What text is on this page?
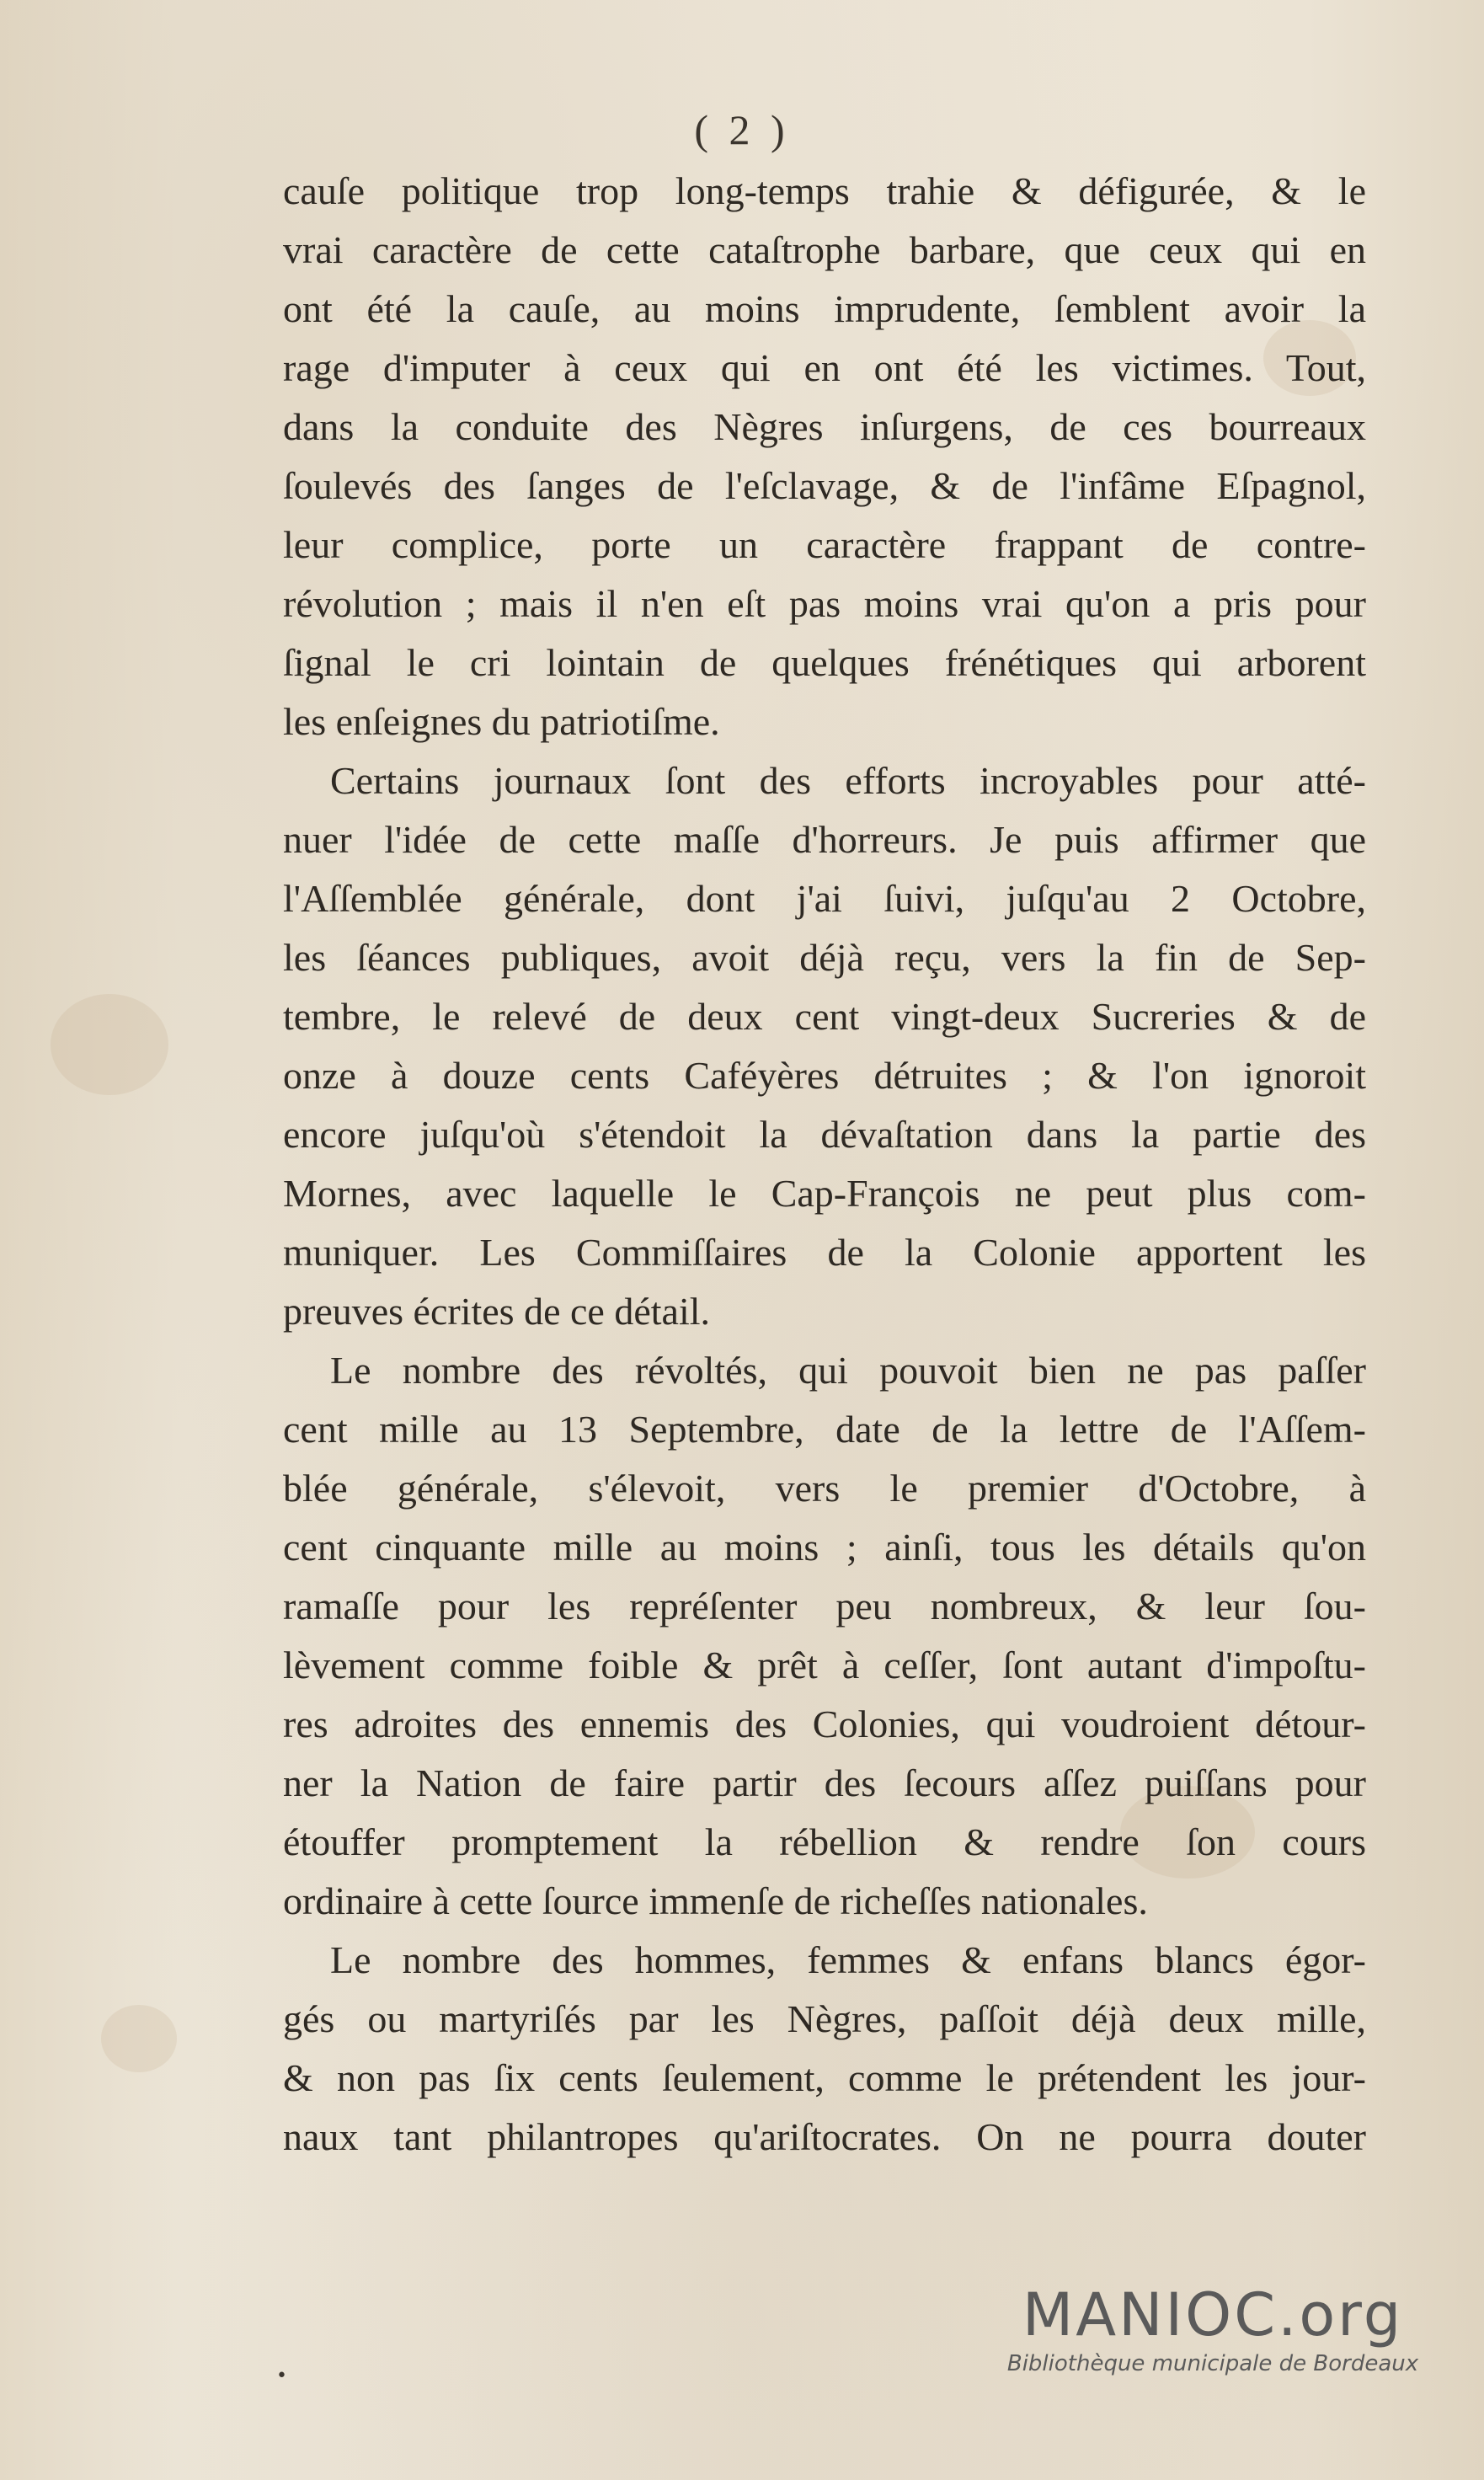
( 2 )
cauſe politique trop long-temps trahie & défigurée, & le
vrai caractère de cette cataſtrophe barbare, que ceux qui en
ont été la cauſe, au moins imprudente, ſemblent avoir la
rage d'imputer à ceux qui en ont été les victimes. Tout,
dans la conduite des Nègres inſurgens, de ces bourreaux
ſoulevés des ſanges de l'eſclavage, & de l'infâme Eſpagnol,
leur complice, porte un caractère frappant de contre-
révolution ; mais il n'en eſt pas moins vrai qu'on a pris pour
ſignal le cri lointain de quelques frénétiques qui arborent
les enſeignes du patriotiſme.
Certains journaux ſont des efforts incroyables pour atté-
nuer l'idée de cette maſſe d'horreurs. Je puis affirmer que
l'Aſſemblée générale, dont j'ai ſuivi, juſqu'au 2 Octobre,
les ſéances publiques, avoit déjà reçu, vers la fin de Sep-
tembre, le relevé de deux cent vingt-deux Sucreries & de
onze à douze cents Caféyères détruites ; & l'on ignoroit
encore juſqu'où s'étendoit la dévaſtation dans la partie des
Mornes, avec laquelle le Cap-François ne peut plus com-
muniquer. Les Commiſſaires de la Colonie apportent les
preuves écrites de ce détail.
Le nombre des révoltés, qui pouvoit bien ne pas paſſer
cent mille au 13 Septembre, date de la lettre de l'Aſſem-
blée générale, s'élevoit, vers le premier d'Octobre, à
cent cinquante mille au moins ; ainſi, tous les détails qu'on
ramaſſe pour les repréſenter peu nombreux, & leur ſou-
lèvement comme foible & prêt à ceſſer, ſont autant d'impoſtu-
res adroites des ennemis des Colonies, qui voudroient détour-
ner la Nation de faire partir des ſecours aſſez puiſſans pour
étouffer promptement la rébellion & rendre ſon cours
ordinaire à cette ſource immenſe de richeſſes nationales.
Le nombre des hommes, femmes & enfans blancs égor-
gés ou martyriſés par les Nègres, paſſoit déjà deux mille,
& non pas ſix cents ſeulement, comme le prétendent les jour-
naux tant philantropes qu'ariſtocrates. On ne pourra douter
MANIOC.org
Bibliothèque municipale de Bordeaux
•
